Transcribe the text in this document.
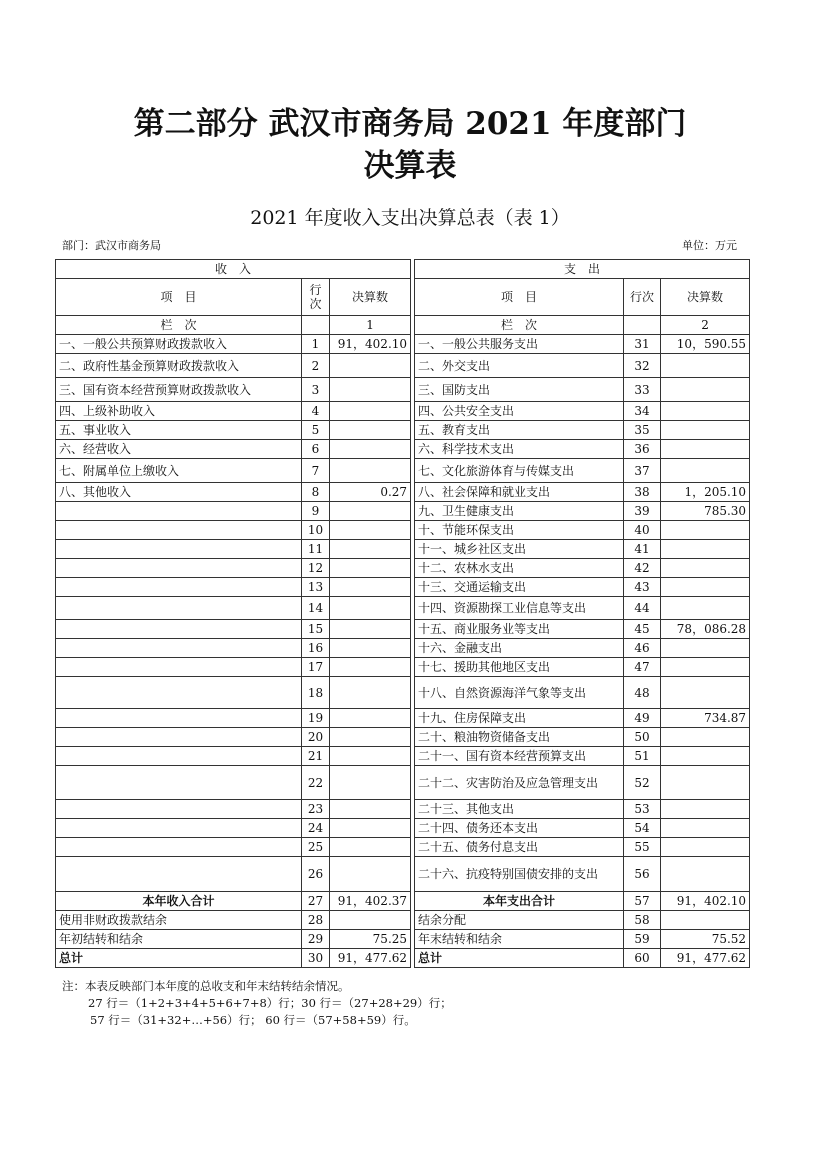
第二部分 武汉市商务局 2021 年度部门
决算表
2021 年度收入支出决算总表（表 1）
部门：武汉市商务局	单位：万元
收　入				支　出		
项　目	行次	决算数		项　目	行次	决算数
栏　次		1		栏　次		2
一、一般公共预算财政拨款收入	1	91，402.10		一、一般公共服务支出	31	10，590.55
二、政府性基金预算财政拨款收入	2			二、外交支出	32	
三、国有资本经营预算财政拨款收入	3			三、国防支出	33	
四、上级补助收入	4			四、公共安全支出	34	
五、事业收入	5			五、教育支出	35	
六、经营收入	6			六、科学技术支出	36	
七、附属单位上缴收入	7			七、文化旅游体育与传媒支出	37	
八、其他收入	8	0.27		八、社会保障和就业支出	38	1，205.10
	9			九、卫生健康支出	39	785.30
	10			十、节能环保支出	40	
	11			十一、城乡社区支出	41	
	12			十二、农林水支出	42	
	13			十三、交通运输支出	43	
	14			十四、资源勘探工业信息等支出	44	
	15			十五、商业服务业等支出	45	78，086.28
	16			十六、金融支出	46	
	17			十七、援助其他地区支出	47	
	18			十八、自然资源海洋气象等支出	48	
	19			十九、住房保障支出	49	734.87
	20			二十、粮油物资储备支出	50	
	21			二十一、国有资本经营预算支出	51	
	22			二十二、灾害防治及应急管理支出	52	
	23			二十三、其他支出	53	
	24			二十四、债务还本支出	54	
	25			二十五、债务付息支出	55	
	26			二十六、抗疫特别国债安排的支出	56	
本年收入合计	27	91，402.37		本年支出合计	57	91，402.10
使用非财政拨款结余	28			结余分配	58	
年初结转和结余	29	75.25		年末结转和结余	59	75.52
总计	30	91，477.62		总计	60	91，477.62
注：本表反映部门本年度的总收支和年末结转结余情况。
27 行＝（1+2+3+4+5+6+7+8）行；30 行＝（27+28+29）行；
57 行＝（31+32+…+56）行； 60 行＝（57+58+59）行。
